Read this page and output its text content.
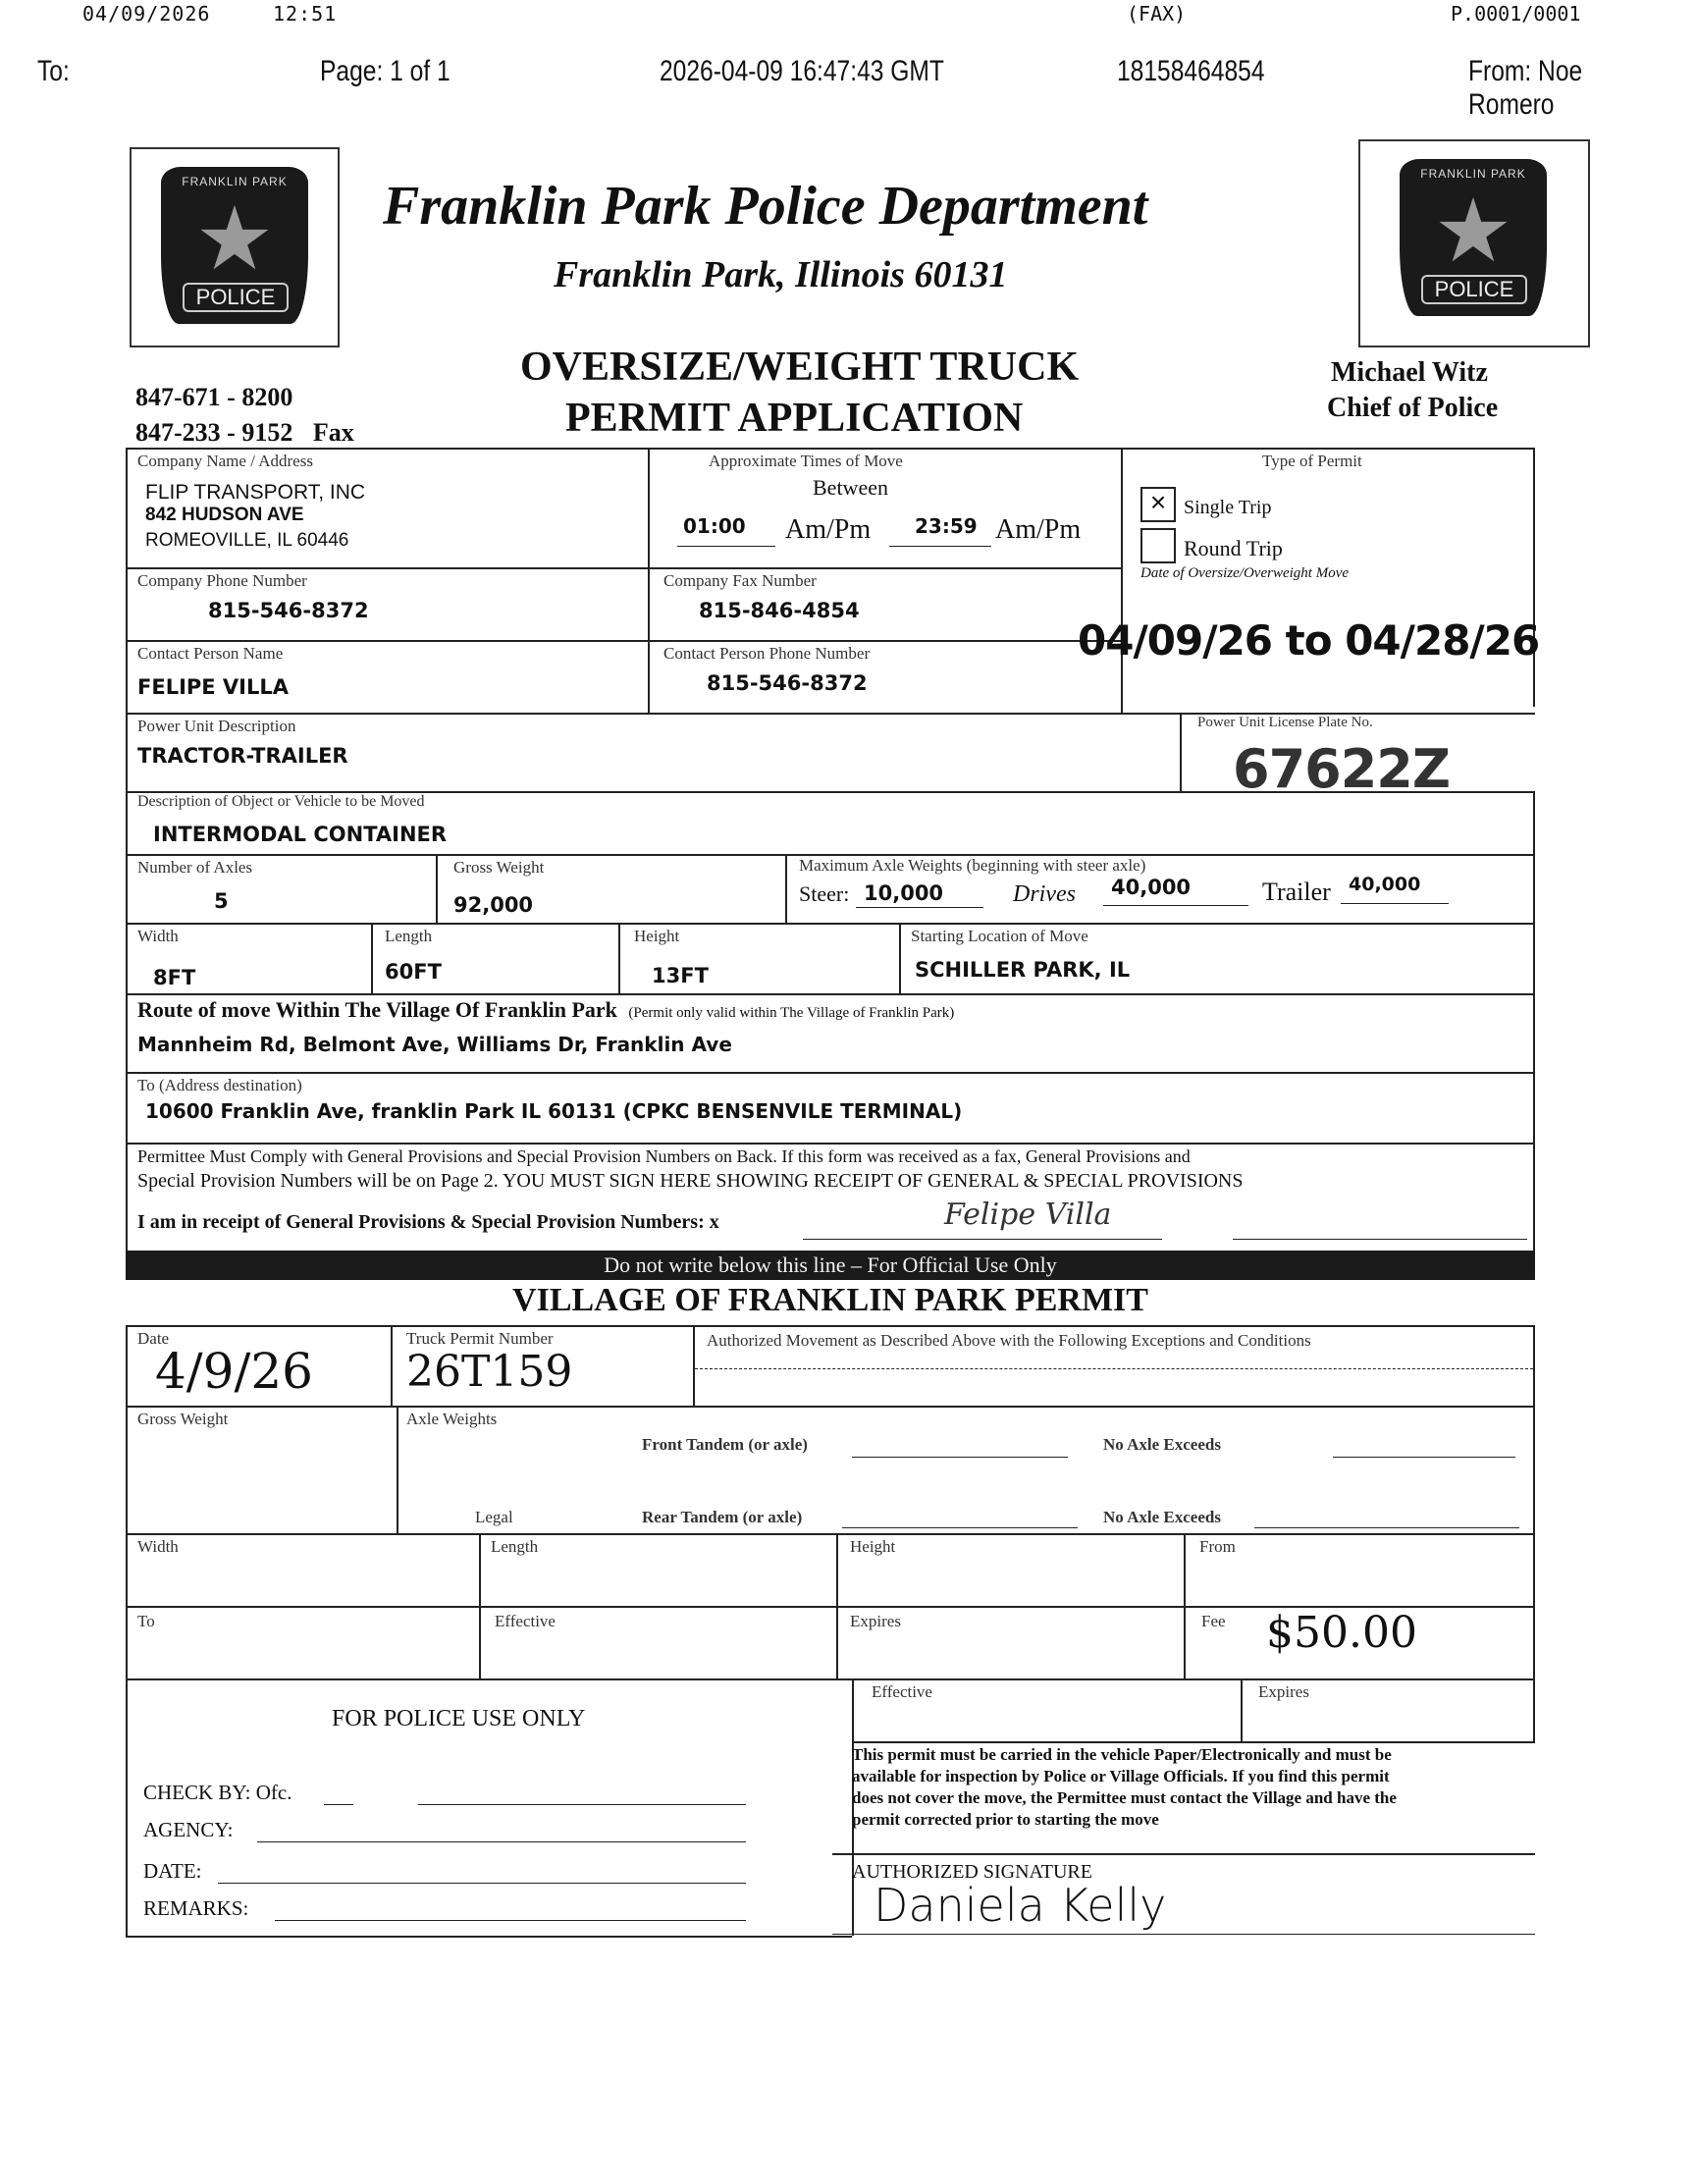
04/09/2026	12:51	(FAX)	P.0001/0001
To:	Page: 1 of 1	2026-04-09 16:47:43 GMT	18158464854	From: Noe Romero
FRANKLIN PARK
★
POLICE
FRANKLIN PARK
★
POLICE
Franklin Park Police Department
Franklin Park, Illinois 60131
OVERSIZE/WEIGHT TRUCK
PERMIT APPLICATION
847-671 - 8200
847-233 - 9152 Fax
Michael Witz
Chief of Police
Company Name / Address
FLIP TRANSPORT, INC
842 HUDSON AVE
ROMEOVILLE, IL 60446
Approximate Times of Move
Between
01:00 Am/Pm 23:59 Am/Pm
Type of Permit
× Single Trip
Round Trip
Date of Oversize/Overweight Move
04/09/26 to 04/28/26
Company Phone Number
815-546-8372
Company Fax Number
815-846-4854
Contact Person Name
FELIPE VILLA
Contact Person Phone Number
815-546-8372
Power Unit Description
TRACTOR-TRAILER
Power Unit License Plate No.
67622Z
Description of Object or Vehicle to be Moved
INTERMODAL CONTAINER
Number of Axles
5
Gross Weight
92,000
Maximum Axle Weights (beginning with steer axle)
Steer: 10,000	Drives 40,000	Trailer 40,000
Width
8FT
Length
60FT
Height
13FT
Starting Location of Move
SCHILLER PARK, IL
Route of move Within The Village Of Franklin Park (Permit only valid within The Village of Franklin Park)
Mannheim Rd, Belmont Ave, Williams Dr, Franklin Ave
To (Address destination)
10600 Franklin Ave, franklin Park IL 60131 (CPKC BENSENVILE TERMINAL)
Permittee Must Comply with General Provisions and Special Provision Numbers on Back. If this form was received as a fax, General Provisions and
Special Provision Numbers will be on Page 2. YOU MUST SIGN HERE SHOWING RECEIPT OF GENERAL & SPECIAL PROVISIONS
I am in receipt of General Provisions & Special Provision Numbers: x	Felipe Villa
Do not write below this line – For Official Use Only
VILLAGE OF FRANKLIN PARK PERMIT
Date
4/9/26
Truck Permit Number
26T159
Authorized Movement as Described Above with the Following Exceptions and Conditions
Gross Weight	Axle Weights
Front Tandem (or axle)	No Axle Exceeds
Legal	Rear Tandem (or axle)	No Axle Exceeds
Width	Length	Height	From
To	Effective	Expires	Fee $50.00
Effective	Expires
FOR POLICE USE ONLY
CHECK BY: Ofc.
AGENCY:
DATE:
REMARKS:
This permit must be carried in the vehicle Paper/Electronically and must be
available for inspection by Police or Village Officials. If you find this permit
does not cover the move, the Permittee must contact the Village and have the
permit corrected prior to starting the move
AUTHORIZED SIGNATURE
Daniela Kelly
